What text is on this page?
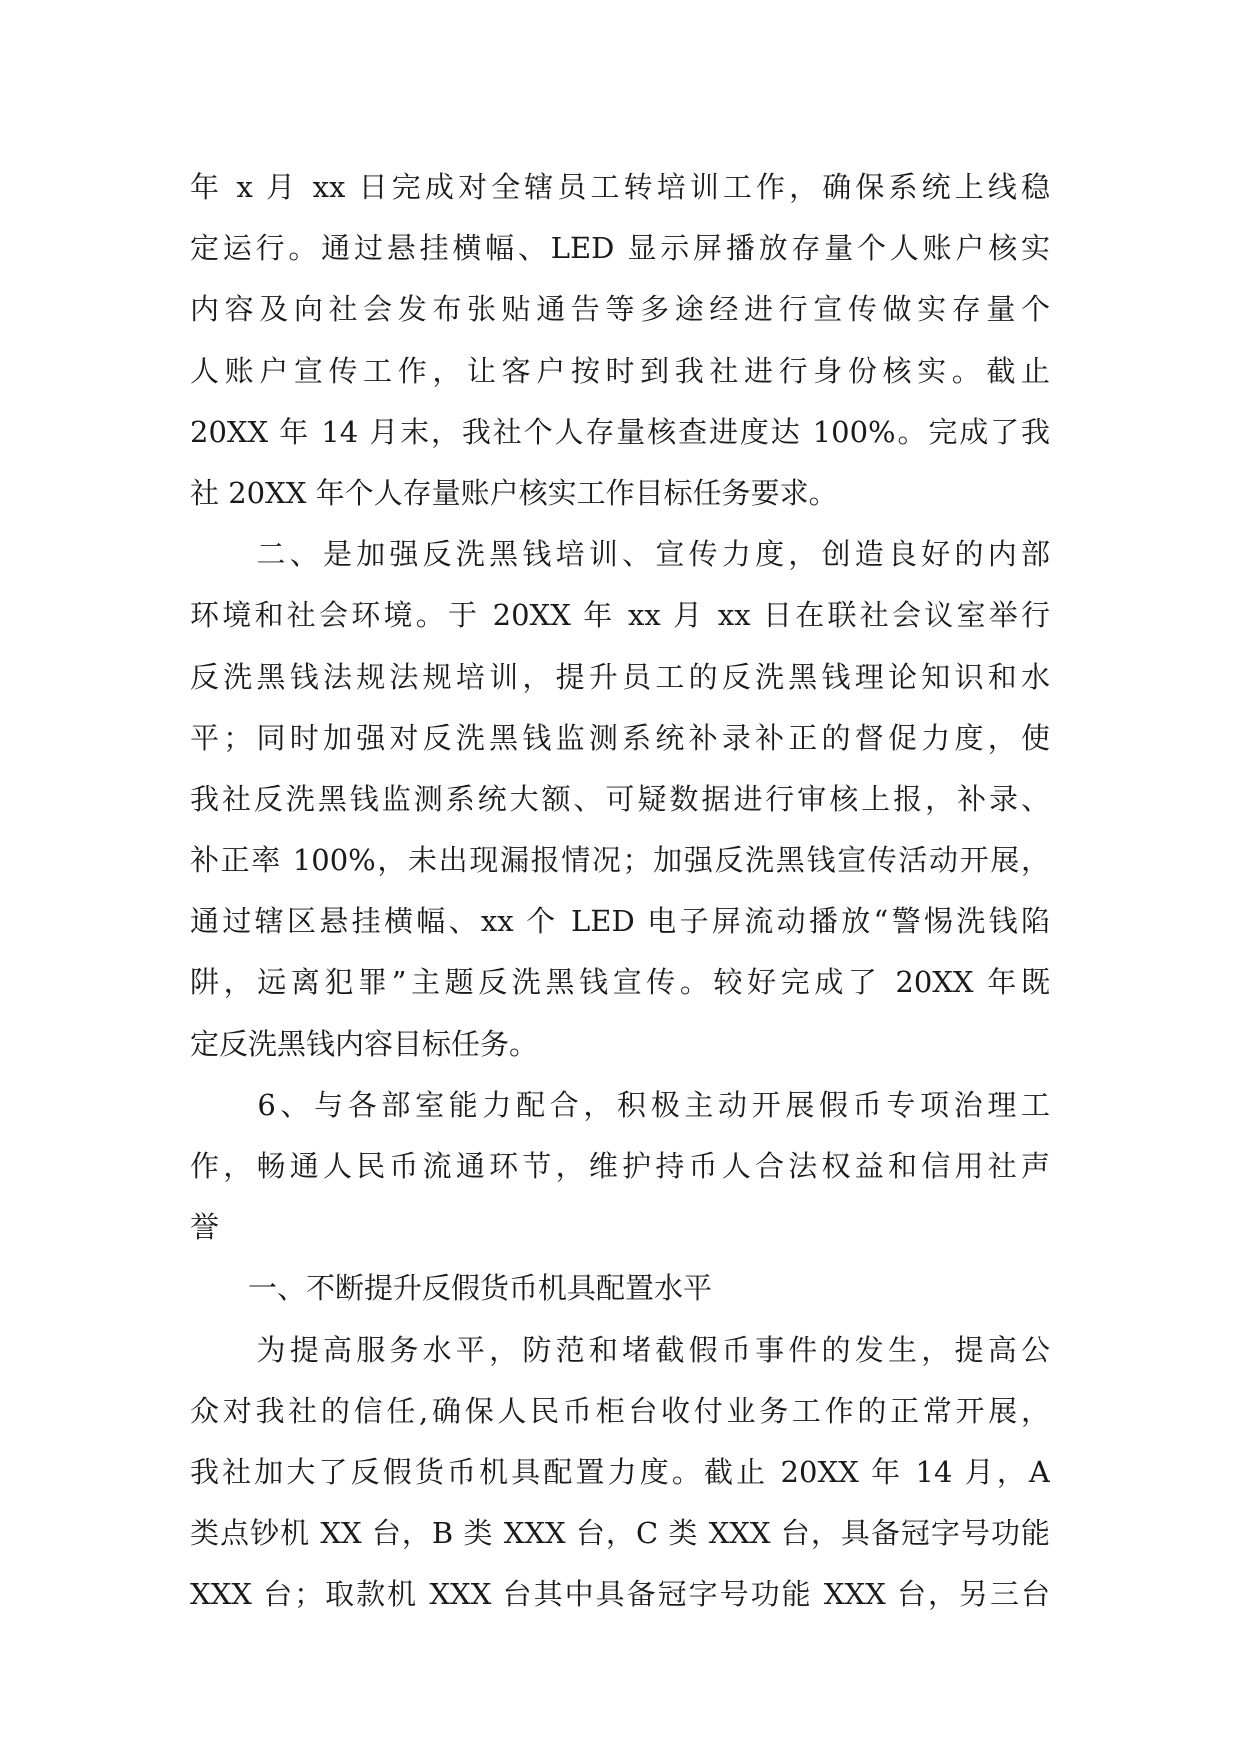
年 x 月 xx 日完成对全辖员工转培训工作，确保系统上线稳
定运行。通过悬挂横幅、LED 显示屏播放存量个人账户核实
内容及向社会发布张贴通告等多途经进行宣传做实存量个
人账户宣传工作，让客户按时到我社进行身份核实。截止
20XX 年 14 月末，我社个人存量核查进度达 100%。完成了我
社 20XX 年个人存量账户核实工作目标任务要求。
　　二、是加强反洗黑钱培训、宣传力度，创造良好的内部
环境和社会环境。于 20XX 年 xx 月 xx 日在联社会议室举行
反洗黑钱法规法规培训，提升员工的反洗黑钱理论知识和水
平；同时加强对反洗黑钱监测系统补录补正的督促力度，使
我社反洗黑钱监测系统大额、可疑数据进行审核上报，补录、
补正率 100%，未出现漏报情况；加强反洗黑钱宣传活动开展，
通过辖区悬挂横幅、xx 个 LED 电子屏流动播放“警惕洗钱陷
阱，远离犯罪”主题反洗黑钱宣传。较好完成了 20XX 年既
定反洗黑钱内容目标任务。
　　6、与各部室能力配合，积极主动开展假币专项治理工
作，畅通人民币流通环节，维护持币人合法权益和信用社声
誉
　　一、不断提升反假货币机具配置水平
　　为提高服务水平，防范和堵截假币事件的发生，提高公
众对我社的信任,确保人民币柜台收付业务工作的正常开展，
我社加大了反假货币机具配置力度。截止 20XX 年 14 月，A
类点钞机 XX 台，B 类 XXX 台，C 类 XXX 台，具备冠字号功能
XXX 台；取款机 XXX 台其中具备冠字号功能 XXX 台，另三台
